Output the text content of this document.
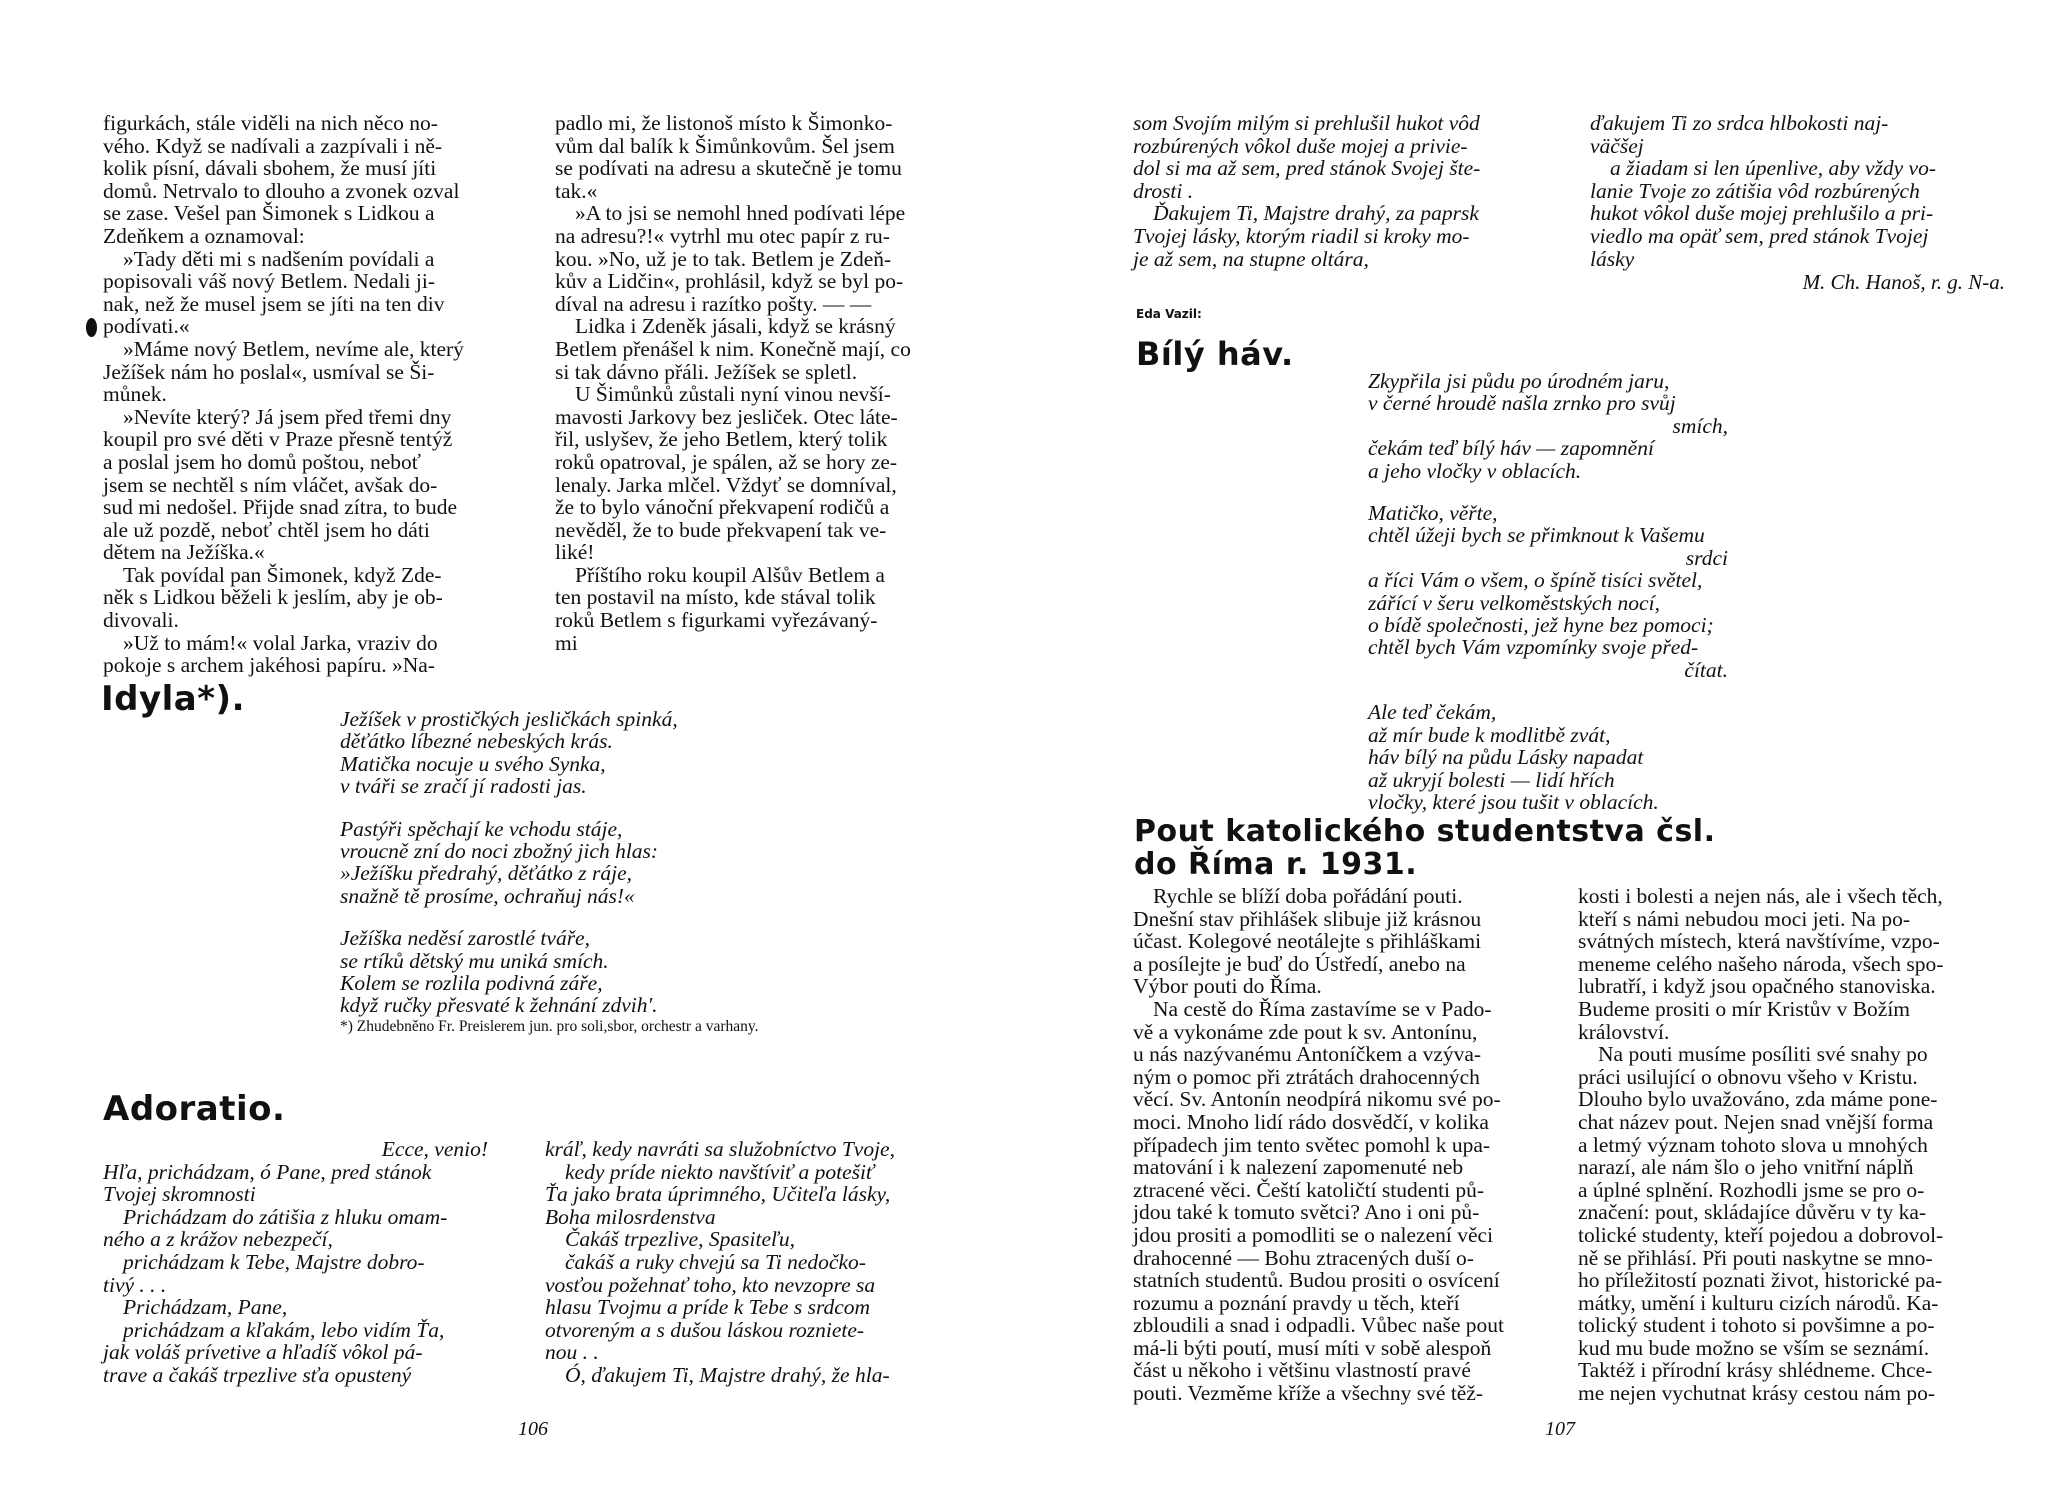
figurkách, stále viděli na nich něco no-
vého. Když se nadívali a zazpívali i ně-
kolik písní, dávali sbohem, že musí jíti
domů. Netrvalo to dlouho a zvonek ozval
se zase. Vešel pan Šimonek s Lidkou a
Zdeňkem a oznamoval:
»Tady děti mi s nadšením povídali a
popisovali váš nový Betlem. Nedali ji-
nak, než že musel jsem se jíti na ten div
podívati.«
»Máme nový Betlem, nevíme ale, který
Ježíšek nám ho poslal«, usmíval se Ši-
můnek.
»Nevíte který? Já jsem před třemi dny
koupil pro své děti v Praze přesně tentýž
a poslal jsem ho domů poštou, neboť
jsem se nechtěl s ním vláčet, avšak do-
sud mi nedošel. Přijde snad zítra, to bude
ale už pozdě, neboť chtěl jsem ho dáti
dětem na Ježíška.«
Tak povídal pan Šimonek, když Zde-
něk s Lidkou běželi k jeslím, aby je ob-
divovali.
»Už to mám!« volal Jarka, vraziv do
pokoje s archem jakéhosi papíru. »Na-
padlo mi, že listonoš místo k Šimonko-
vům dal balík k Šimůnkovům. Šel jsem
se podívati na adresu a skutečně je tomu
tak.«
»A to jsi se nemohl hned podívati lépe
na adresu?!« vytrhl mu otec papír z ru-
kou. »No, už je to tak. Betlem je Zdeň-
kův a Lidčin«, prohlásil, když se byl po-
díval na adresu i razítko pošty. — —
Lidka i Zdeněk jásali, když se krásný
Betlem přenášel k nim. Konečně mají, co
si tak dávno přáli. Ježíšek se spletl.
U Šimůnků zůstali nyní vinou nevší-
mavosti Jarkovy bez jesliček. Otec láte-
řil, uslyšev, že jeho Betlem, který tolik
roků opatroval, je spálen, až se hory ze-
lenaly. Jarka mlčel. Vždyť se domníval,
že to bylo vánoční překvapení rodičů a
nevěděl, že to bude překvapení tak ve-
liké!
Příštího roku koupil Alšův Betlem a
ten postavil na místo, kde stával tolik
roků Betlem s figurkami vyřezávaný-
mi
Idyla*).	Ježíšek v prostičkých jesličkách spinká,
děťátko líbezné nebeských krás.
Matička nocuje u svého Synka,
v tváři se zračí jí radosti jas.
Pastýři spěchají ke vchodu stáje,
vroucně zní do noci zbožný jich hlas:
»Ježíšku předrahý, děťátko z ráje,
snažně tě prosíme, ochraňuj nás!«
Ježíška neděsí zarostlé tváře,
se rtíků dětský mu uniká smích.
Kolem se rozlila podivná záře,
když ručky přesvaté k žehnání zdvih'.
*) Zhudebněno Fr. Preislerem jun. pro soli,sbor, orchestr a varhany.
Adoratio.
Ecce, venio!
Hľa, prichádzam, ó Pane, pred stánok
Tvojej skromnosti
Prichádzam do zátišia z hluku omam-
ného a z krážov nebezpečí,
prichádzam k Tebe, Majstre dobro-
tivý . . .
Prichádzam, Pane,
prichádzam a kľakám, lebo vidím Ťa,
jak voláš prívetive a hľadíš vôkol pá-
trave a čakáš trpezlive sťa opustený
kráľ, kedy navráti sa služobníctvo Tvoje,
kedy príde niekto navštíviť a potešiť
Ťa jako brata úprimného, Učiteľa lásky,
Boha milosrdenstva
Čakáš trpezlive, Spasiteľu,
čakáš a ruky chvejú sa Ti nedočko-
vosťou požehnať toho, kto nevzopre sa
hlasu Tvojmu a príde k Tebe s srdcom
otvoreným a s dušou láskou rozniete-
nou . .
Ó, ďakujem Ti, Majstre drahý, že hla-
106
som Svojím milým si prehlušil hukot vôd
rozbúrených vôkol duše mojej a privie-
dol si ma až sem, pred stánok Svojej šte-
drosti .
Ďakujem Ti, Majstre drahý, za paprsk
Tvojej lásky, ktorým riadil si kroky mo-
je až sem, na stupne oltára,
ďakujem Ti zo srdca hlbokosti naj-
väčšej
a žiadam si len úpenlive, aby vždy vo-
lanie Tvoje zo zátišia vôd rozbúrených
hukot vôkol duše mojej prehlušilo a pri-
viedlo ma opäť sem, pred stánok Tvojej
lásky
M. Ch. Hanoš, r. g. N-a.
Eda Vazil:
Bílý háv.
Zkypřila jsi půdu po úrodném jaru,
v černé hroudě našla zrnko pro svůj
smích,
čekám teď bílý háv — zapomnění
a jeho vločky v oblacích.
Matičko, věřte,
chtěl úžeji bych se přimknout k Vašemu
srdci
a říci Vám o všem, o špíně tisíci světel,
zářící v šeru velkoměstských nocí,
o bídě společnosti, jež hyne bez pomoci;
chtěl bych Vám vzpomínky svoje před-
čítat.
Ale teď čekám,
až mír bude k modlitbě zvát,
háv bílý na půdu Lásky napadat
až ukryjí bolesti — lidí hřích
vločky, které jsou tušit v oblacích.
Pout katolického studentstva čsl.
do Říma r. 1931.
Rychle se blíží doba pořádání pouti.
Dnešní stav přihlášek slibuje již krásnou
účast. Kolegové neotálejte s přihláškami
a posílejte je buď do Ústředí, anebo na
Výbor pouti do Říma.
Na cestě do Říma zastavíme se v Pado-
vě a vykonáme zde pout k sv. Antonínu,
u nás nazývanému Antoníčkem a vzýva-
ným o pomoc při ztrátách drahocenných
věcí. Sv. Antonín neodpírá nikomu své po-
moci. Mnoho lidí rádo dosvědčí, v kolika
případech jim tento světec pomohl k upa-
matování i k nalezení zapomenuté neb
ztracené věci. Čeští katoličtí studenti pů-
jdou také k tomuto světci? Ano i oni pů-
jdou prositi a pomodliti se o nalezení věci
drahocenné — Bohu ztracených duší o-
statních studentů. Budou prositi o osvícení
rozumu a poznání pravdy u těch, kteří
zbloudili a snad i odpadli. Vůbec naše pout
má-li býti poutí, musí míti v sobě alespoň
část u někoho i většinu vlastností pravé
pouti. Vezměme kříže a všechny své těž-
kosti i bolesti a nejen nás, ale i všech těch,
kteří s námi nebudou moci jeti. Na po-
svátných místech, která navštívíme, vzpo-
meneme celého našeho národa, všech spo-
lubratří, i když jsou opačného stanoviska.
Budeme prositi o mír Kristův v Božím
království.
Na pouti musíme posíliti své snahy po
práci usilující o obnovu všeho v Kristu.
Dlouho bylo uvažováno, zda máme pone-
chat název pout. Nejen snad vnější forma
a letmý význam tohoto slova u mnohých
narazí, ale nám šlo o jeho vnitřní náplň
a úplné splnění. Rozhodli jsme se pro o-
značení: pout, skládajíce důvěru v ty ka-
tolické studenty, kteří pojedou a dobrovol-
ně se přihlásí. Při pouti naskytne se mno-
ho příležitostí poznati život, historické pa-
mátky, umění i kulturu cizích národů. Ka-
tolický student i tohoto si povšimne a po-
kud mu bude možno se vším se seznámí.
Taktéž i přírodní krásy shlédneme. Chce-
me nejen vychutnat krásy cestou nám po-
107
